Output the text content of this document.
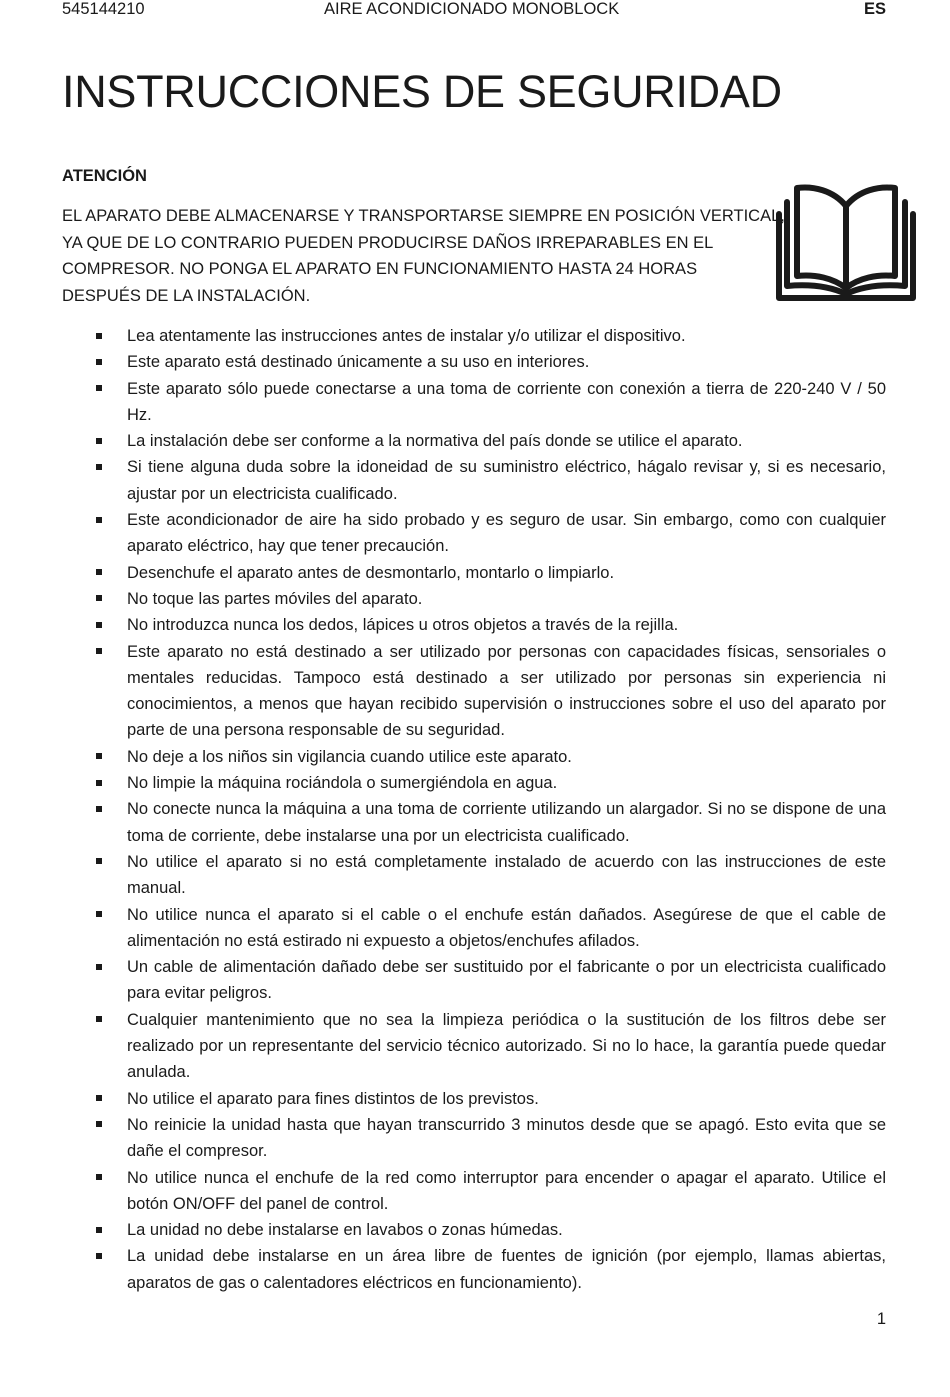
545144210	AIRE ACONDICIONADO MONOBLOCK	ES
INSTRUCCIONES DE SEGURIDAD
ATENCIÓN
EL APARATO DEBE ALMACENARSE Y TRANSPORTARSE SIEMPRE EN POSICIÓN VERTICAL,
YA QUE DE LO CONTRARIO PUEDEN PRODUCIRSE DAÑOS IRREPARABLES EN EL
COMPRESOR. NO PONGA EL APARATO EN FUNCIONAMIENTO HASTA 24 HORAS
DESPUÉS DE LA INSTALACIÓN.
Lea atentamente las instrucciones antes de instalar y/o utilizar el dispositivo.
Este aparato está destinado únicamente a su uso en interiores.
Este aparato sólo puede conectarse a una toma de corriente con conexión a tierra de 220-240 V / 50 Hz.
La instalación debe ser conforme a la normativa del país donde se utilice el aparato.
Si tiene alguna duda sobre la idoneidad de su suministro eléctrico, hágalo revisar y, si es necesario, ajustar por un electricista cualificado.
Este acondicionador de aire ha sido probado y es seguro de usar. Sin embargo, como con cualquier aparato eléctrico, hay que tener precaución.
Desenchufe el aparato antes de desmontarlo, montarlo o limpiarlo.
No toque las partes móviles del aparato.
No introduzca nunca los dedos, lápices u otros objetos a través de la rejilla.
Este aparato no está destinado a ser utilizado por personas con capacidades físicas, sensoriales o mentales reducidas. Tampoco está destinado a ser utilizado por personas sin experiencia ni conocimientos, a menos que hayan recibido supervisión o instrucciones sobre el uso del aparato por parte de una persona responsable de su seguridad.
No deje a los niños sin vigilancia cuando utilice este aparato.
No limpie la máquina rociándola o sumergiéndola en agua.
No conecte nunca la máquina a una toma de corriente utilizando un alargador. Si no se dispone de una toma de corriente, debe instalarse una por un electricista cualificado.
No utilice el aparato si no está completamente instalado de acuerdo con las instrucciones de este manual.
No utilice nunca el aparato si el cable o el enchufe están dañados. Asegúrese de que el cable de alimentación no está estirado ni expuesto a objetos/enchufes afilados.
Un cable de alimentación dañado debe ser sustituido por el fabricante o por un electricista cualificado para evitar peligros.
Cualquier mantenimiento que no sea la limpieza periódica o la sustitución de los filtros debe ser realizado por un representante del servicio técnico autorizado. Si no lo hace, la garantía puede quedar anulada.
No utilice el aparato para fines distintos de los previstos.
No reinicie la unidad hasta que hayan transcurrido 3 minutos desde que se apagó. Esto evita que se dañe el compresor.
No utilice nunca el enchufe de la red como interruptor para encender o apagar el aparato. Utilice el botón ON/OFF del panel de control.
La unidad no debe instalarse en lavabos o zonas húmedas.
La unidad debe instalarse en un área libre de fuentes de ignición (por ejemplo, llamas abiertas, aparatos de gas o calentadores eléctricos en funcionamiento).
1
